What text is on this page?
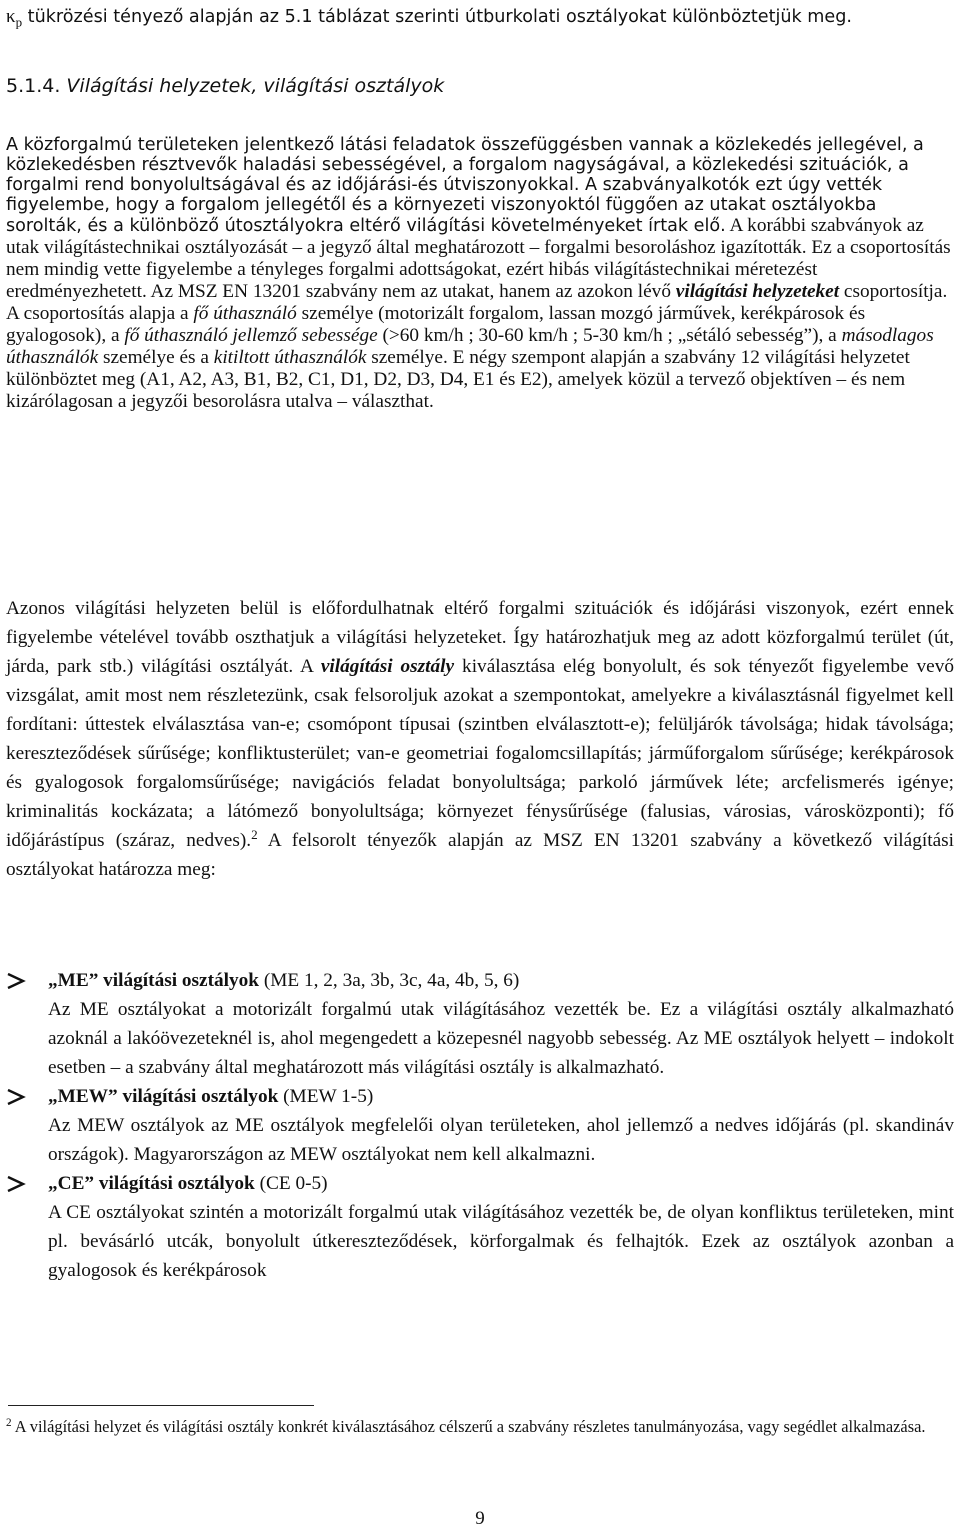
$\kappa_p$ tükrözési tényező alapján az 5.1 táblázat szerinti útburkolati osztályokat különböztetjük meg.

5.1.4. Világítási helyzetek, világítási osztályok

A közforgalmú területeken jelentkező látási feladatok összefüggésben vannak a közlekedés jellegével, a közlekedésben résztvevők haladási sebességével, a forgalom nagyságával, a közlekedési szituációk, a forgalmi rend bonyolultságával és az időjárási-és útviszonyokkal. A szabványalkotók ezt úgy vették figyelembe, hogy a forgalom jellegétől és a környezeti viszonyoktól függően az utakat osztályokba sorolták, és a különböző útosztályokra eltérő világítási követelményeket írtak elő. A korábbi szabványok az utak világítástechnikai osztályozását – a jegyző által meghatározott – forgalmi besoroláshoz igazították. Ez a csoportosítás nem mindig vette figyelembe a tényleges forgalmi adottságokat, ezért hibás világítástechnikai méretezést eredményezhetett. Az MSZ EN 13201 szabvány nem az utakat, hanem az azokon lévő világítási helyzeteket csoportosítja. A csoportosítás alapja a fő úthasználó személye (motorizált forgalom, lassan mozgó járművek, kerékpárosok és gyalogosok), a fő úthasználó jellemző sebessége (>60 km/h ; 30-60 km/h ; 5-30 km/h ; „sétáló sebesség”), a másodlagos úthasználók személye és a kitiltott úthasználók személye. E négy szempont alapján a szabvány 12 világítási helyzetet különböztet meg (A1, A2, A3, B1, B2, C1, D1, D2, D3, D4, E1 és E2), amelyek közül a tervező objektíven – és nem kizárólagosan a jegyzői besorolásra utalva – választhat.

Azonos világítási helyzeten belül is előfordulhatnak eltérő forgalmi szituációk és időjárási viszonyok, ezért ennek figyelembe vételével tovább oszthatjuk a világítási helyzeteket. Így határozhatjuk meg az adott közforgalmú terület (út, járda, park stb.) világítási osztályát. A világítási osztály kiválasztása elég bonyolult, és sok tényezőt figyelembe vevő vizsgálat, amit most nem részletezünk, csak felsoroljuk azokat a szempontokat, amelyekre a kiválasztásnál figyelmet kell fordítani: úttestek elválasztása van-e; csomópont típusai (szintben elválasztott-e); felüljárók távolsága; hidak távolsága; kereszteződések sűrűsége; konfliktusterület; van-e geometriai fogalomcsillapítás; járműforgalom sűrűsége; kerékpárosok és gyalogosok forgalomsűrűsége; navigációs feladat bonyolultsága; parkoló járművek léte; arcfelismerés igénye; kriminalitás kockázata; a látómező bonyolultsága; környezet fénysűrűsége (falusias, városias, városközponti); fő időjárástípus (száraz, nedves).$^2$ A felsorolt tényezők alapján az MSZ EN 13201 szabvány a következő világítási osztályokat határozza meg:

„ME” világítási osztályok (ME 1, 2, 3a, 3b, 3c, 4a, 4b, 5, 6)

Az ME osztályokat a motorizált forgalmú utak világításához vezették be. Ez a világítási osztály alkalmazható azoknál a lakóövezeteknél is, ahol megengedett a közepesnél nagyobb sebesség. Az ME osztályok helyett – indokolt esetben – a szabvány által meghatározott más világítási osztály is alkalmazható.

„MEW” világítási osztályok (MEW 1-5)

Az MEW osztályok az ME osztályok megfelelői olyan területeken, ahol jellemző a nedves időjárás (pl. skandináv országok). Magyarországon az MEW osztályokat nem kell alkalmazni.

„CE” világítási osztályok (CE 0-5)

A CE osztályokat szintén a motorizált forgalmú utak világításához vezették be, de olyan konfliktus területeken, mint pl. bevásárló utcák, bonyolult útkereszteződések, körforgalmak és felhajtók. Ezek az osztályok azonban a gyalogosok és kerékpárosok

$^2$ A világítási helyzet és világítási osztály konkrét kiválasztásához célszerű a szabvány részletes tanulmányozása, vagy segédlet alkalmazása.

9
